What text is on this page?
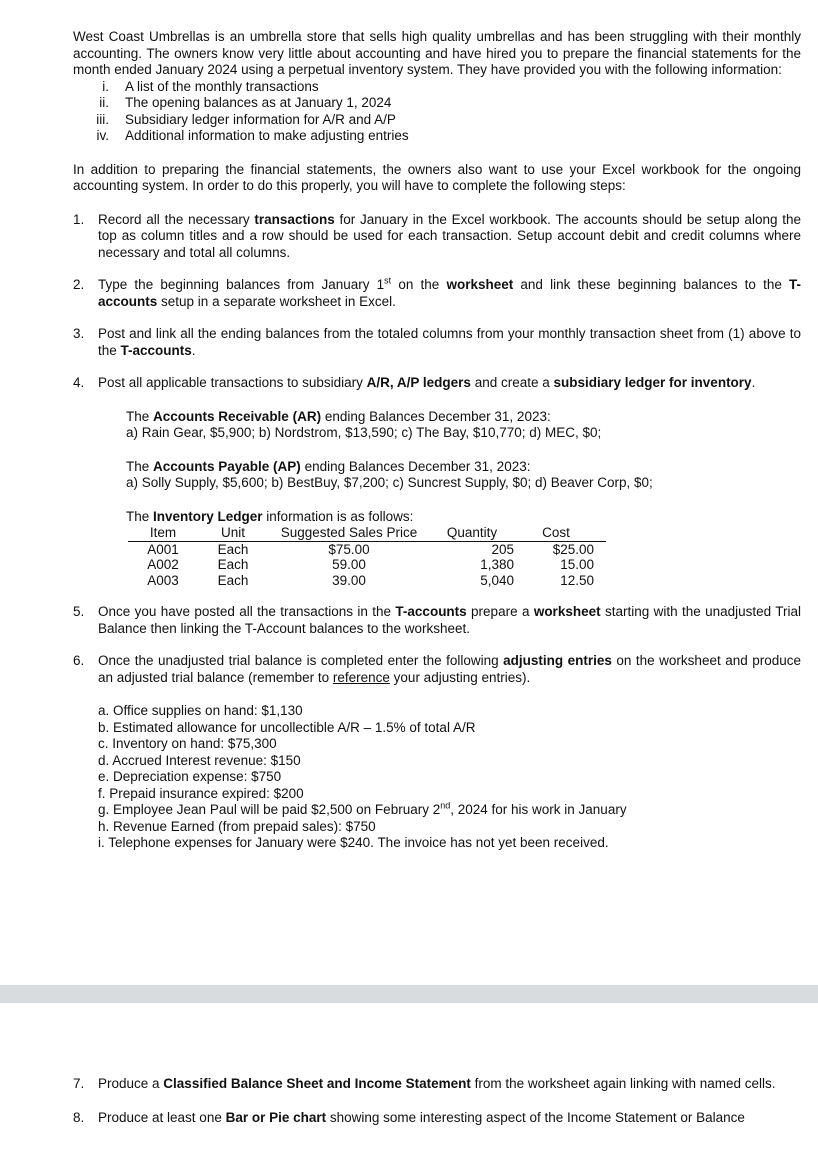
West Coast Umbrellas is an umbrella store that sells high quality umbrellas and has been struggling with their monthly accounting. The owners know very little about accounting and have hired you to prepare the financial statements for the month ended January 2024 using a perpetual inventory system. They have provided you with the following information:

i. A list of the monthly transactions
ii. The opening balances as at January 1, 2024
iii. Subsidiary ledger information for A/R and A/P
iv. Additional information to make adjusting entries

In addition to preparing the financial statements, the owners also want to use your Excel workbook for the ongoing accounting system. In order to do this properly, you will have to complete the following steps:

1. Record all the necessary transactions for January in the Excel workbook. The accounts should be setup along the top as column titles and a row should be used for each transaction. Setup account debit and credit columns where necessary and total all columns.
2. Type the beginning balances from January 1st on the worksheet and link these beginning balances to the T-accounts setup in a separate worksheet in Excel.
3. Post and link all the ending balances from the totaled columns from your monthly transaction sheet from (1) above to the T-accounts.
4. Post all applicable transactions to subsidiary A/R, A/P ledgers and create a subsidiary ledger for inventory.
The Accounts Receivable (AR) ending Balances December 31, 2023:
a) Rain Gear, $5,900; b) Nordstrom, $13,590; c) The Bay, $10,770; d) MEC, $0;
The Accounts Payable (AP) ending Balances December 31, 2023:
a) Solly Supply, $5,600; b) BestBuy, $7,200; c) Suncrest Supply, $0; d) Beaver Corp, $0;
The Inventory Ledger information is as follows:
Item	Unit	Suggested Sales Price	Quantity	Cost
A001	Each	$75.00	205	$25.00
A002	Each	59.00	1,380	15.00
A003	Each	39.00	5,040	12.50
5. Once you have posted all the transactions in the T-accounts prepare a worksheet starting with the unadjusted Trial Balance then linking the T-Account balances to the worksheet.
6. Once the unadjusted trial balance is completed enter the following adjusting entries on the worksheet and produce an adjusted trial balance (remember to reference your adjusting entries).
a. Office supplies on hand: $1,130
b. Estimated allowance for uncollectible A/R – 1.5% of total A/R
c. Inventory on hand: $75,300
d. Accrued Interest revenue: $150
e. Depreciation expense: $750
f. Prepaid insurance expired: $200
g. Employee Jean Paul will be paid $2,500 on February 2nd, 2024 for his work in January
h. Revenue Earned (from prepaid sales): $750
i. Telephone expenses for January were $240. The invoice has not yet been received.
7. Produce a Classified Balance Sheet and Income Statement from the worksheet again linking with named cells.
8. Produce at least one Bar or Pie chart showing some interesting aspect of the Income Statement or Balance
